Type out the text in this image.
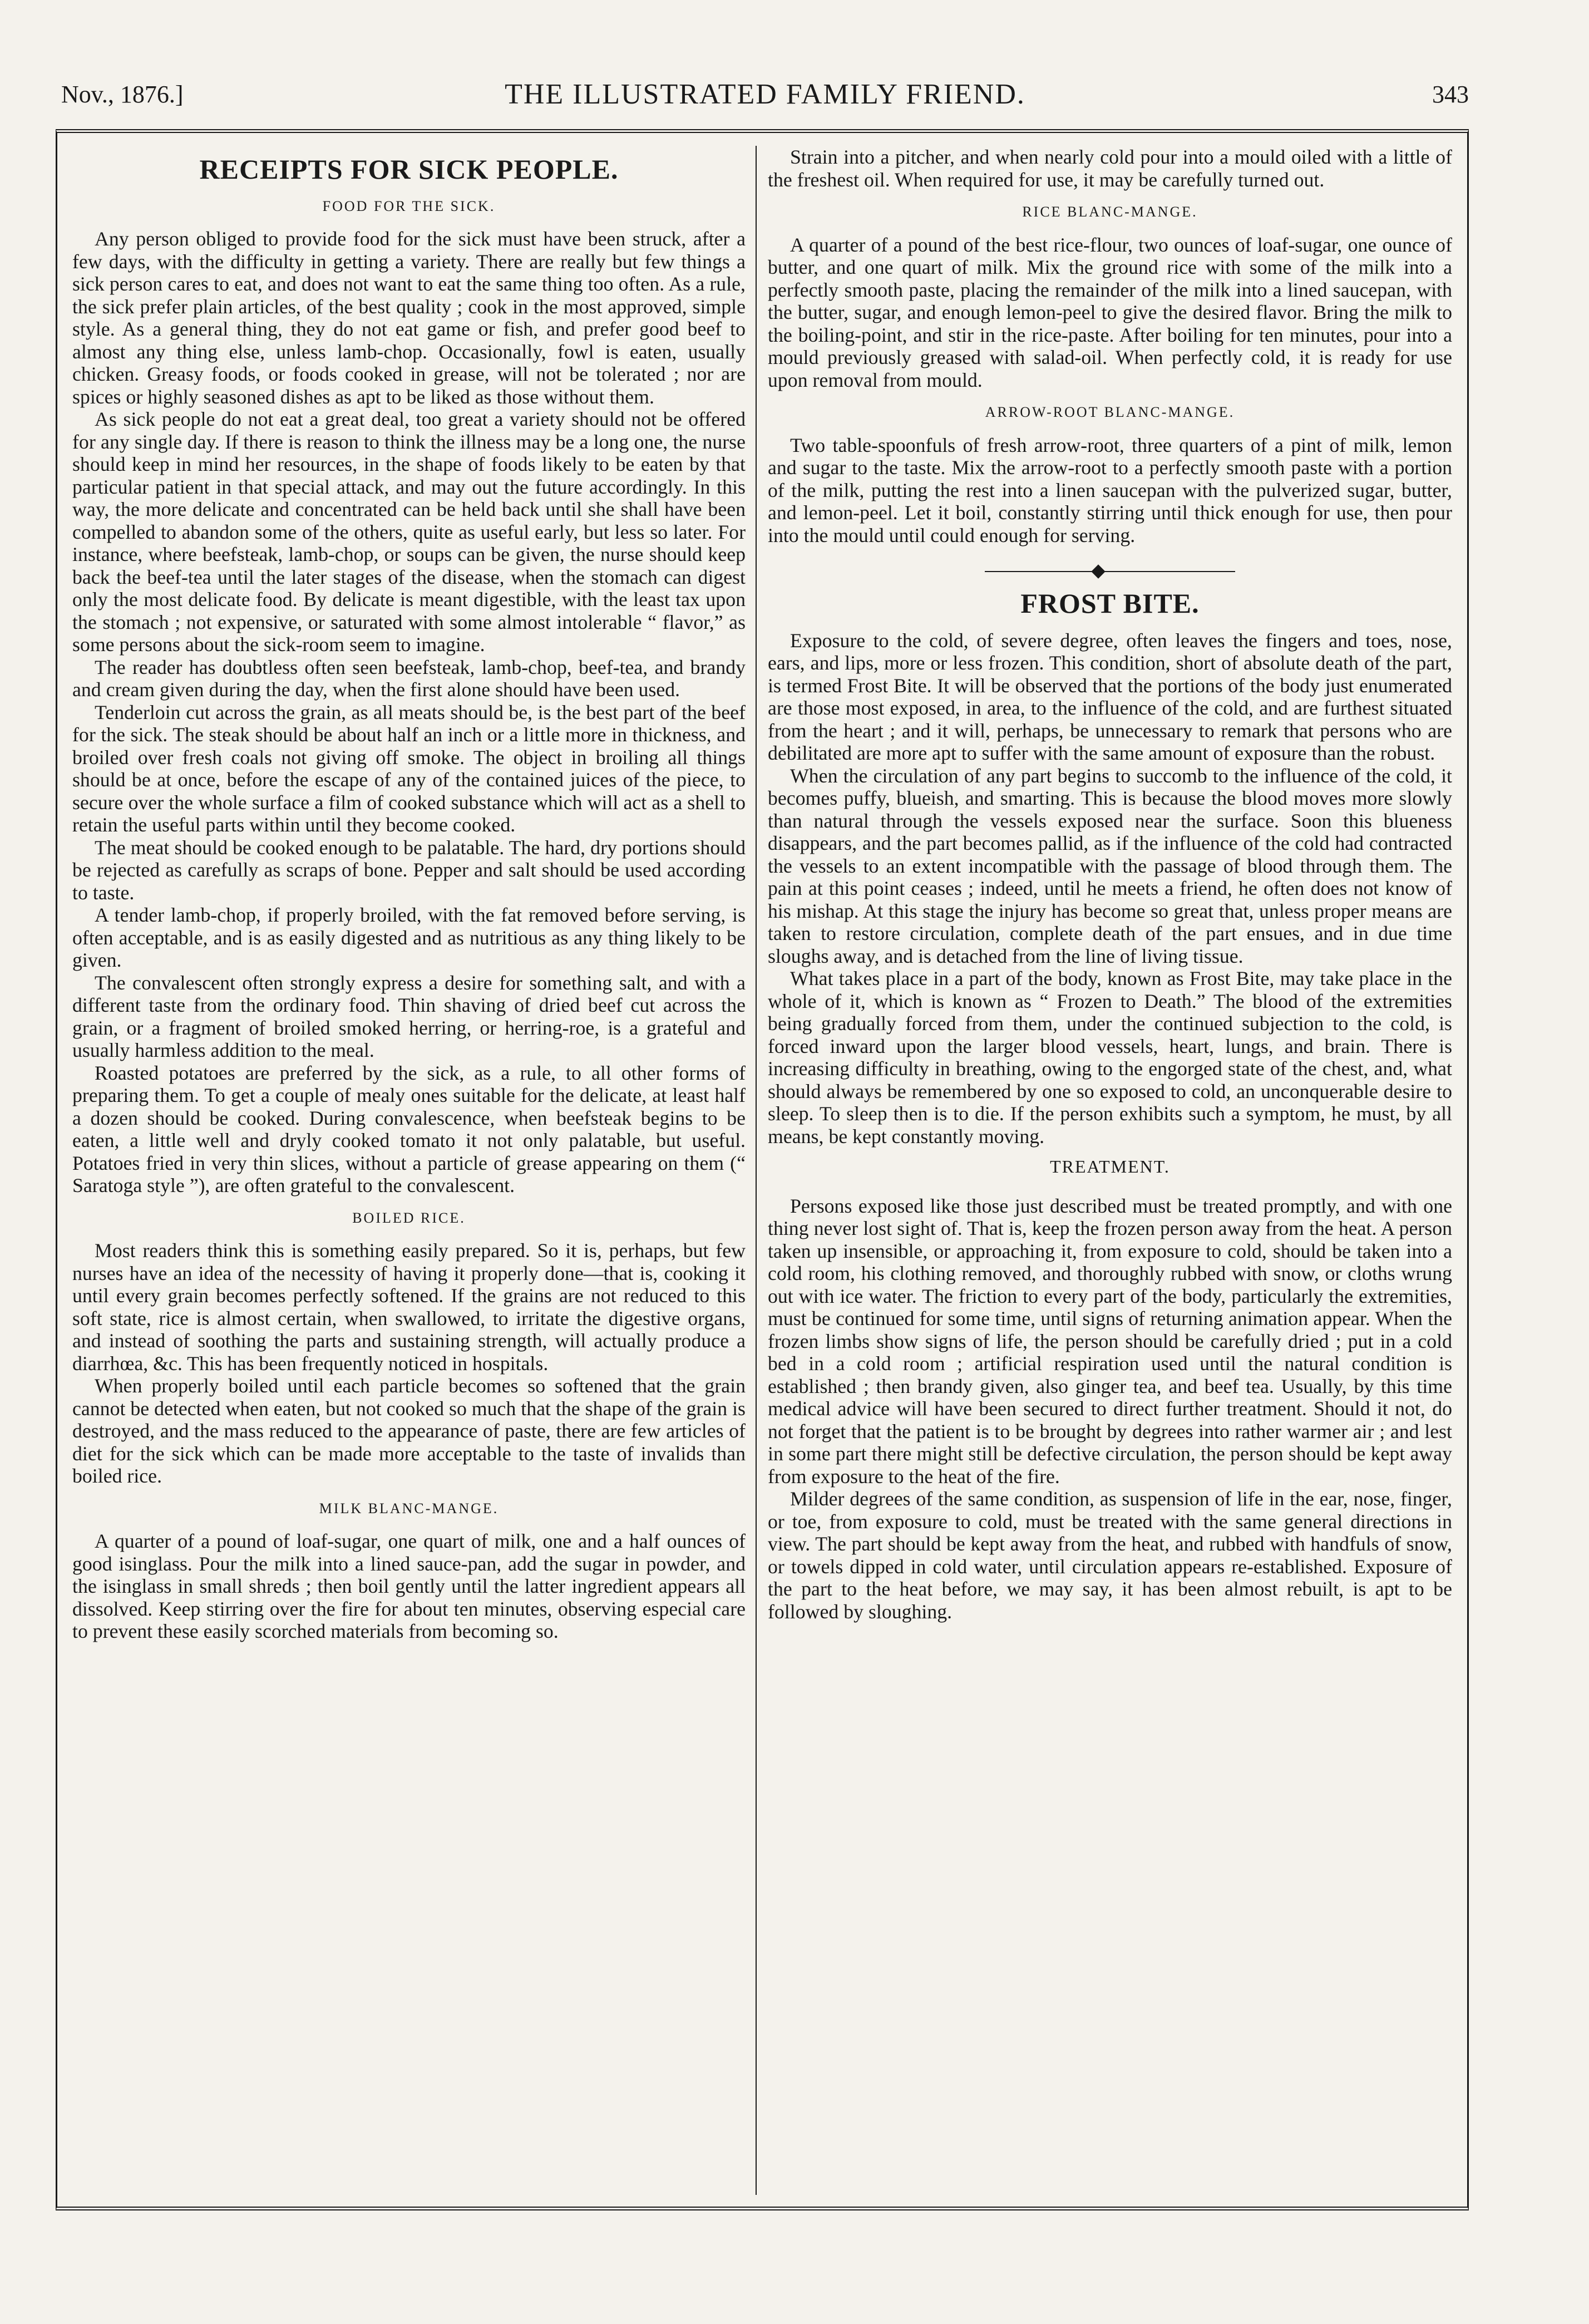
Nov., 1876.]	THE ILLUSTRATED FAMILY FRIEND.	343
RECEIPTS FOR SICK PEOPLE.
FOOD FOR THE SICK.

Any person obliged to provide food for the sick must have been struck, after a few days, with the difficulty in getting a variety. There are really but few things a sick person cares to eat, and does not want to eat the same thing too often. As a rule, the sick prefer plain articles, of the best quality ; cook in the most approved, simple style. As a general thing, they do not eat game or fish, and prefer good beef to almost any thing else, unless lamb-chop. Occasionally, fowl is eaten, usually chicken. Greasy foods, or foods cooked in grease, will not be tolerated ; nor are spices or highly seasoned dishes as apt to be liked as those without them.

As sick people do not eat a great deal, too great a variety should not be offered for any single day. If there is reason to think the illness may be a long one, the nurse should keep in mind her resources, in the shape of foods likely to be eaten by that particular patient in that special attack, and may out the future accordingly. In this way, the more delicate and concentrated can be held back until she shall have been compelled to abandon some of the others, quite as useful early, but less so later. For instance, where beefsteak, lamb-chop, or soups can be given, the nurse should keep back the beef-tea until the later stages of the disease, when the stomach can digest only the most delicate food. By delicate is meant digestible, with the least tax upon the stomach ; not expensive, or saturated with some almost intolerable “ flavor,” as some persons about the sick-room seem to imagine.

The reader has doubtless often seen beefsteak, lamb-chop, beef-tea, and brandy and cream given during the day, when the first alone should have been used.

Tenderloin cut across the grain, as all meats should be, is the best part of the beef for the sick. The steak should be about half an inch or a little more in thickness, and broiled over fresh coals not giving off smoke. The object in broiling all things should be at once, before the escape of any of the contained juices of the piece, to secure over the whole surface a film of cooked substance which will act as a shell to retain the useful parts within until they become cooked.

The meat should be cooked enough to be palatable. The hard, dry portions should be rejected as carefully as scraps of bone. Pepper and salt should be used according to taste.

A tender lamb-chop, if properly broiled, with the fat removed before serving, is often acceptable, and is as easily digested and as nutritious as any thing likely to be given.

The convalescent often strongly express a desire for something salt, and with a different taste from the ordinary food. Thin shaving of dried beef cut across the grain, or a fragment of broiled smoked herring, or herring-roe, is a grateful and usually harmless addition to the meal.

Roasted potatoes are preferred by the sick, as a rule, to all other forms of preparing them. To get a couple of mealy ones suitable for the delicate, at least half a dozen should be cooked. During convalescence, when beefsteak begins to be eaten, a little well and dryly cooked tomato it not only palatable, but useful. Potatoes fried in very thin slices, without a particle of grease appearing on them (“ Saratoga style ”), are often grateful to the convalescent.

BOILED RICE.

Most readers think this is something easily prepared. So it is, perhaps, but few nurses have an idea of the necessity of having it properly done—that is, cooking it until every grain becomes perfectly softened. If the grains are not reduced to this soft state, rice is almost certain, when swallowed, to irritate the digestive organs, and instead of soothing the parts and sustaining strength, will actually produce a diarrhœa, &c. This has been frequently noticed in hospitals.

When properly boiled until each particle becomes so softened that the grain cannot be detected when eaten, but not cooked so much that the shape of the grain is destroyed, and the mass reduced to the appearance of paste, there are few articles of diet for the sick which can be made more acceptable to the taste of invalids than boiled rice.

MILK BLANC-MANGE.

A quarter of a pound of loaf-sugar, one quart of milk, one and a half ounces of good isinglass. Pour the milk into a lined sauce-pan, add the sugar in powder, and the isinglass in small shreds ; then boil gently until the latter ingredient appears all dissolved. Keep stirring over the fire for about ten minutes, observing especial care to prevent these easily scorched materials from becoming so.

Strain into a pitcher, and when nearly cold pour into a mould oiled with a little of the freshest oil. When required for use, it may be carefully turned out.

RICE BLANC-MANGE.

A quarter of a pound of the best rice-flour, two ounces of loaf-sugar, one ounce of butter, and one quart of milk. Mix the ground rice with some of the milk into a perfectly smooth paste, placing the remainder of the milk into a lined saucepan, with the butter, sugar, and enough lemon-peel to give the desired flavor. Bring the milk to the boiling-point, and stir in the rice-paste. After boiling for ten minutes, pour into a mould previously greased with salad-oil. When perfectly cold, it is ready for use upon removal from mould.

ARROW-ROOT BLANC-MANGE.

Two table-spoonfuls of fresh arrow-root, three quarters of a pint of milk, lemon and sugar to the taste. Mix the arrow-root to a perfectly smooth paste with a portion of the milk, putting the rest into a linen saucepan with the pulverized sugar, butter, and lemon-peel. Let it boil, constantly stirring until thick enough for use, then pour into the mould until could enough for serving.

FROST BITE.

Exposure to the cold, of severe degree, often leaves the fingers and toes, nose, ears, and lips, more or less frozen. This condition, short of absolute death of the part, is termed Frost Bite. It will be observed that the portions of the body just enumerated are those most exposed, in area, to the influence of the cold, and are furthest situated from the heart ; and it will, perhaps, be unnecessary to remark that persons who are debilitated are more apt to suffer with the same amount of exposure than the robust.

When the circulation of any part begins to succomb to the influence of the cold, it becomes puffy, blueish, and smarting. This is because the blood moves more slowly than natural through the vessels exposed near the surface. Soon this blueness disappears, and the part becomes pallid, as if the influence of the cold had contracted the vessels to an extent incompatible with the passage of blood through them. The pain at this point ceases ; indeed, until he meets a friend, he often does not know of his mishap. At this stage the injury has become so great that, unless proper means are taken to restore circulation, complete death of the part ensues, and in due time sloughs away, and is detached from the line of living tissue.

What takes place in a part of the body, known as Frost Bite, may take place in the whole of it, which is known as “ Frozen to Death.” The blood of the extremities being gradually forced from them, under the continued subjection to the cold, is forced inward upon the larger blood vessels, heart, lungs, and brain. There is increasing difficulty in breathing, owing to the engorged state of the chest, and, what should always be remembered by one so exposed to cold, an unconquerable desire to sleep. To sleep then is to die. If the person exhibits such a symptom, he must, by all means, be kept constantly moving.

TREATMENT.

Persons exposed like those just described must be treated promptly, and with one thing never lost sight of. That is, keep the frozen person away from the heat. A person taken up insensible, or approaching it, from exposure to cold, should be taken into a cold room, his clothing removed, and thoroughly rubbed with snow, or cloths wrung out with ice water. The friction to every part of the body, particularly the extremities, must be continued for some time, until signs of returning animation appear. When the frozen limbs show signs of life, the person should be carefully dried ; put in a cold bed in a cold room ; artificial respiration used until the natural condition is established ; then brandy given, also ginger tea, and beef tea. Usually, by this time medical advice will have been secured to direct further treatment. Should it not, do not forget that the patient is to be brought by degrees into rather warmer air ; and lest in some part there might still be defective circulation, the person should be kept away from exposure to the heat of the fire.

Milder degrees of the same condition, as suspension of life in the ear, nose, finger, or toe, from exposure to cold, must be treated with the same general directions in view. The part should be kept away from the heat, and rubbed with handfuls of snow, or towels dipped in cold water, until circulation appears re-established. Exposure of the part to the heat before, we may say, it has been almost rebuilt, is apt to be followed by sloughing.
